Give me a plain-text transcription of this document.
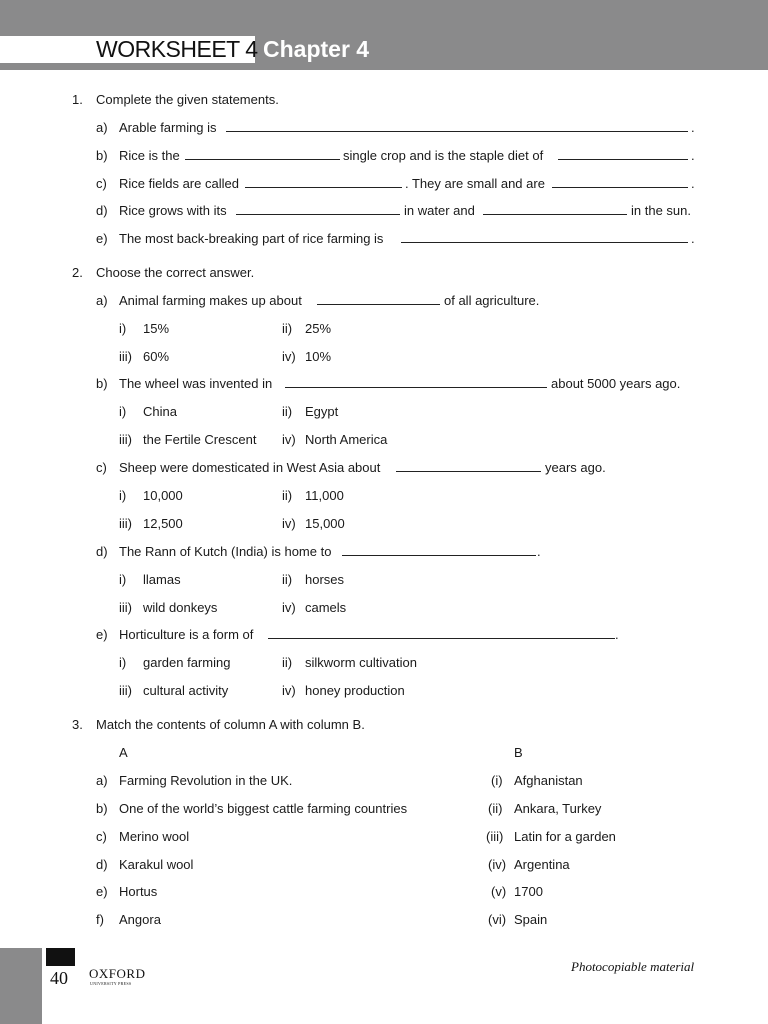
WORKSHEET 4 Chapter 4
1. Complete the given statements.
a) Arable farming is	.
b) Rice is the	single crop and is the staple diet of	.
c) Rice fields are called	. They are small and are	.
d) Rice grows with its	in water and	in the sun.
e) The most back-breaking part of rice farming is	.
2. Choose the correct answer.
a) Animal farming makes up about	of all agriculture.
i) 15%	ii) 25%
iii) 60%	iv) 10%
b) The wheel was invented in	about 5000 years ago.
i) China	ii) Egypt
iii) the Fertile Crescent iv) North America
c) Sheep were domesticated in West Asia about	years ago.
i) 10,000	ii) 11,000
iii) 12,500	iv) 15,000
d) The Rann of Kutch (India) is home to	.
i) llamas	ii) horses
iii) wild donkeys	iv) camels
e) Horticulture is a form of	.
i) garden farming	ii) silkworm cultivation
iii) cultural activity	iv) honey production
3. Match the contents of column A with column B.
A	B
a) Farming Revolution in the UK.	(i) Afghanistan
b) One of the world’s biggest cattle farming countries	(ii) Ankara, Turkey
c) Merino wool	(iii) Latin for a garden
d) Karakul wool	(iv) Argentina
e) Hortus	(v) 1700
f) Angora	(vi) Spain
40 OXFORD
UNIVERSITY PRESS
Photocopiable material
